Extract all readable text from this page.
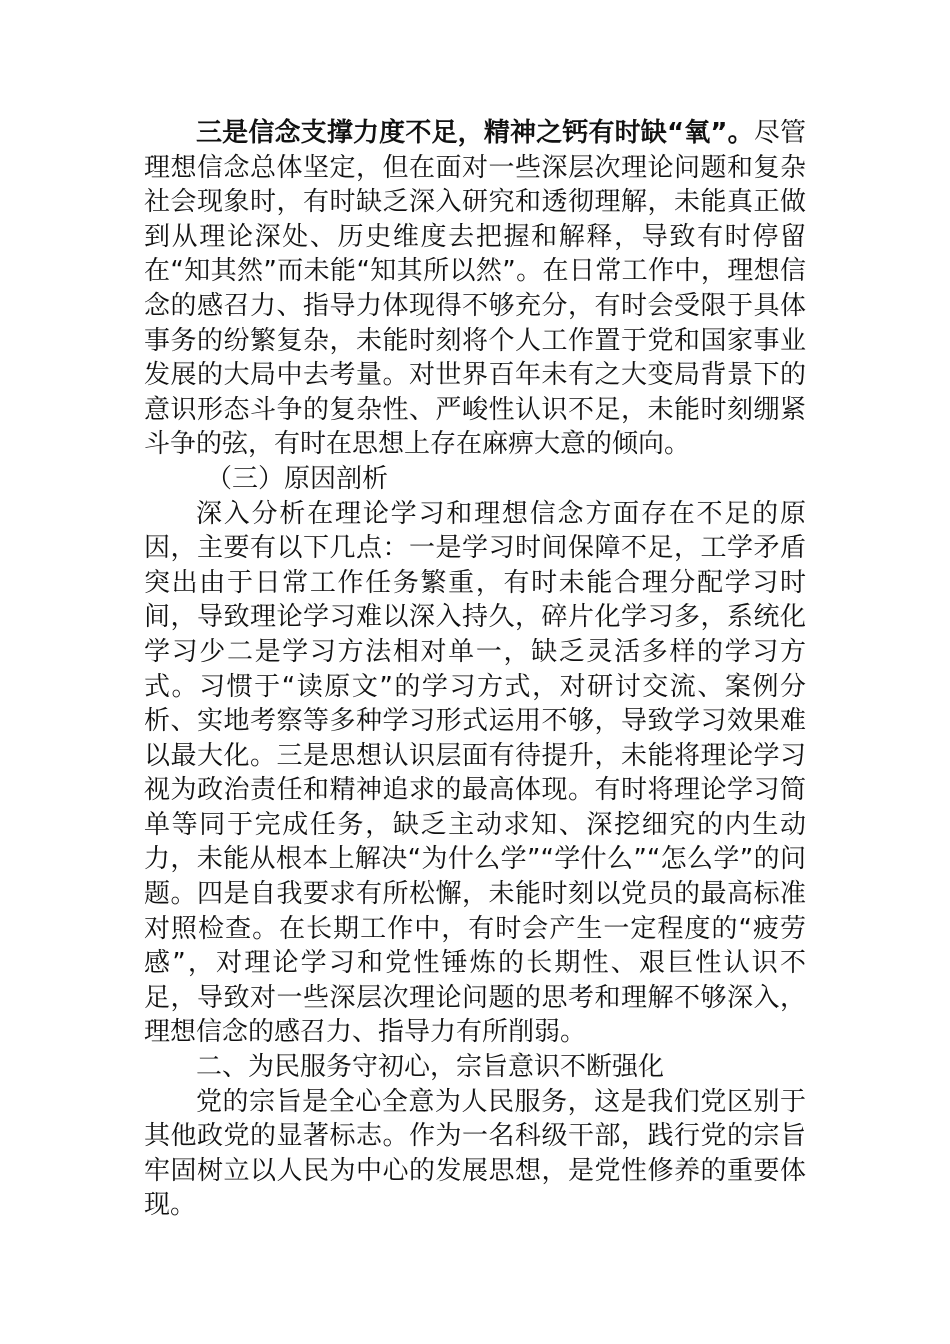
三是信念支撑力度不足，精神之钙有时缺“氧”。尽管理想信念总体坚定，但在面对一些深层次理论问题和复杂社会现象时，有时缺乏深入研究和透彻理解，未能真正做到从理论深处、历史维度去把握和解释，导致有时停留在“知其然”而未能“知其所以然”。在日常工作中，理想信念的感召力、指导力体现得不够充分，有时会受限于具体事务的纷繁复杂，未能时刻将个人工作置于党和国家事业发展的大局中去考量。对世界百年未有之大变局背景下的意识形态斗争的复杂性、严峻性认识不足，未能时刻绷紧斗争的弦，有时在思想上存在麻痹大意的倾向。

（三）原因剖析

深入分析在理论学习和理想信念方面存在不足的原因，主要有以下几点：一是学习时间保障不足，工学矛盾突出由于日常工作任务繁重，有时未能合理分配学习时间，导致理论学习难以深入持久，碎片化学习多，系统化学习少二是学习方法相对单一，缺乏灵活多样的学习方式。习惯于“读原文”的学习方式，对研讨交流、案例分析、实地考察等多种学习形式运用不够，导致学习效果难以最大化。三是思想认识层面有待提升，未能将理论学习视为政治责任和精神追求的最高体现。有时将理论学习简单等同于完成任务，缺乏主动求知、深挖细究的内生动力，未能从根本上解决“为什么学”“学什么”“怎么学”的问题。四是自我要求有所松懈，未能时刻以党员的最高标准对照检查。在长期工作中，有时会产生一定程度的“疲劳感”，对理论学习和党性锤炼的长期性、艰巨性认识不足，导致对一些深层次理论问题的思考和理解不够深入，理想信念的感召力、指导力有所削弱。

二、为民服务守初心，宗旨意识不断强化

党的宗旨是全心全意为人民服务，这是我们党区别于其他政党的显著标志。作为一名科级干部，践行党的宗旨牢固树立以人民为中心的发展思想，是党性修养的重要体现。
